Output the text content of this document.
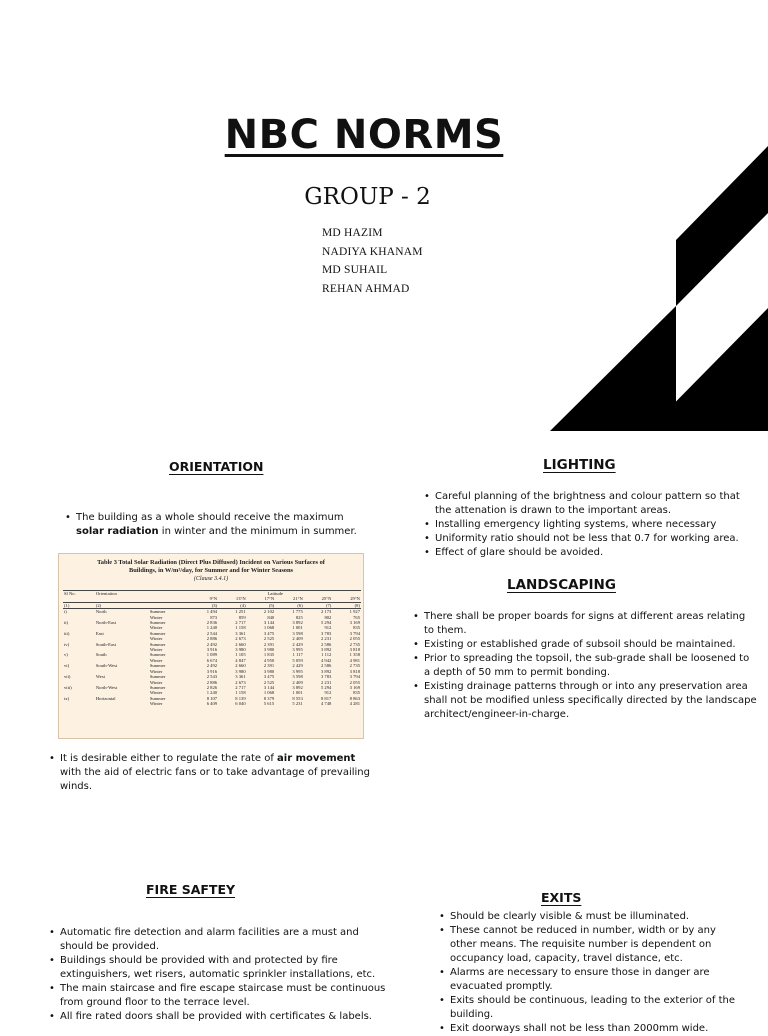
NBC NORMS
GROUP - 2
MD HAZIM
NADIYA KHANAM
MD SUHAIL
REHAN AHMAD
ORIENTATION
• The building as a whole should receive the maximum solar radiation in winter and the minimum in summer.
Table 3 Total Solar Radiation (Direct Plus Diffused) Incident on Various Surfaces of Buildings, in W/m²/day, for Summer and for Winter Seasons
(Clause 3.4.1)
Sl No.	Orientation		Latitude					
			9°N	13°N	17°N	21°N	25°N	29°N
(1)	(2)		(3)	(4)	(5)	(6)	(7)	(8)
i)	North	Summer	1 494	1 251	2 102	1 775	2 173	1 927
		Winter	873	859	840	825	802	765
ii)	North-East	Summer	2 836	2 717	3 144	3 892	5 294	3 169
		Winter	1 240	1 158	1 068	1 001	912	835
iii)	East	Summer	2 544	3 361	3 475	3 598	3 783	3 794
		Winter	2 886	2 673	2 525	2 409	2 231	2 055
iv)	South-East	Summer	2 492	2 660	2 391	2 429	2 586	2 735
		Winter	3 916	3 980	3 980	3 995	3 892	3 818
v)	South	Summer	1 089	1 105	1 835	1 117	1 112	1 358
		Winter	6 674	4 847	4 950	5 059	4 942	4 981
vi)	South-West	Summer	2 492	2 660	2 391	2 429	2 586	2 735
		Winter	3 916	3 980	3 980	3 995	3 892	3 818
vii)	West	Summer	2 543	3 361	3 475	3 598	3 783	3 794
		Winter	2 886	2 673	2 525	2 409	2 231	2 055
viii)	North-West	Summer	2 826	2 717	3 144	3 892	5 294	3 169
		Winter	1 240	1 158	1 068	1 001	912	835
ix)	Horizontal	Summer	8 107	8 139	8 379	8 553	8 817	8 863
		Winter	6 409	6 040	5 615	5 231	4 748	4 281
• It is desirable either to regulate the rate of air movement with the aid of electric fans or to take advantage of prevailing winds.
LIGHTING
• Careful planning of the brightness and colour pattern so that the attenation is drawn to the important areas.
• Installing emergency lighting systems, where necessary
• Uniformity ratio should not be less that 0.7 for working area.
• Effect of glare should be avoided.
LANDSCAPING
• There shall be proper boards for signs at different areas relating to them.
• Existing or established grade of subsoil should be maintained.
• Prior to spreading the topsoil, the sub-grade shall be loosened to a depth of 50 mm to permit bonding.
• Existing drainage patterns through or into any preservation area shall not be modified unless specifically directed by the landscape architect/engineer-in-charge.
FIRE SAFTEY
• Automatic fire detection and alarm facilities are a must and should be provided.
• Buildings should be provided with and protected by fire extinguishers, wet risers, automatic sprinkler installations, etc.
• The main staircase and fire escape staircase must be continuous from ground floor to the terrace level.
• All fire rated doors shall be provided with certificates & labels.
EXITS
• Should be clearly visible & must be illuminated.
• These cannot be reduced in number, width or by any other means. The requisite number is dependent on occupancy load, capacity, travel distance, etc.
• Alarms are necessary to ensure those in danger are evacuated promptly.
• Exits should be continuous, leading to the exterior of the building.
• Exit doorways shall not be less than 2000mm wide.
